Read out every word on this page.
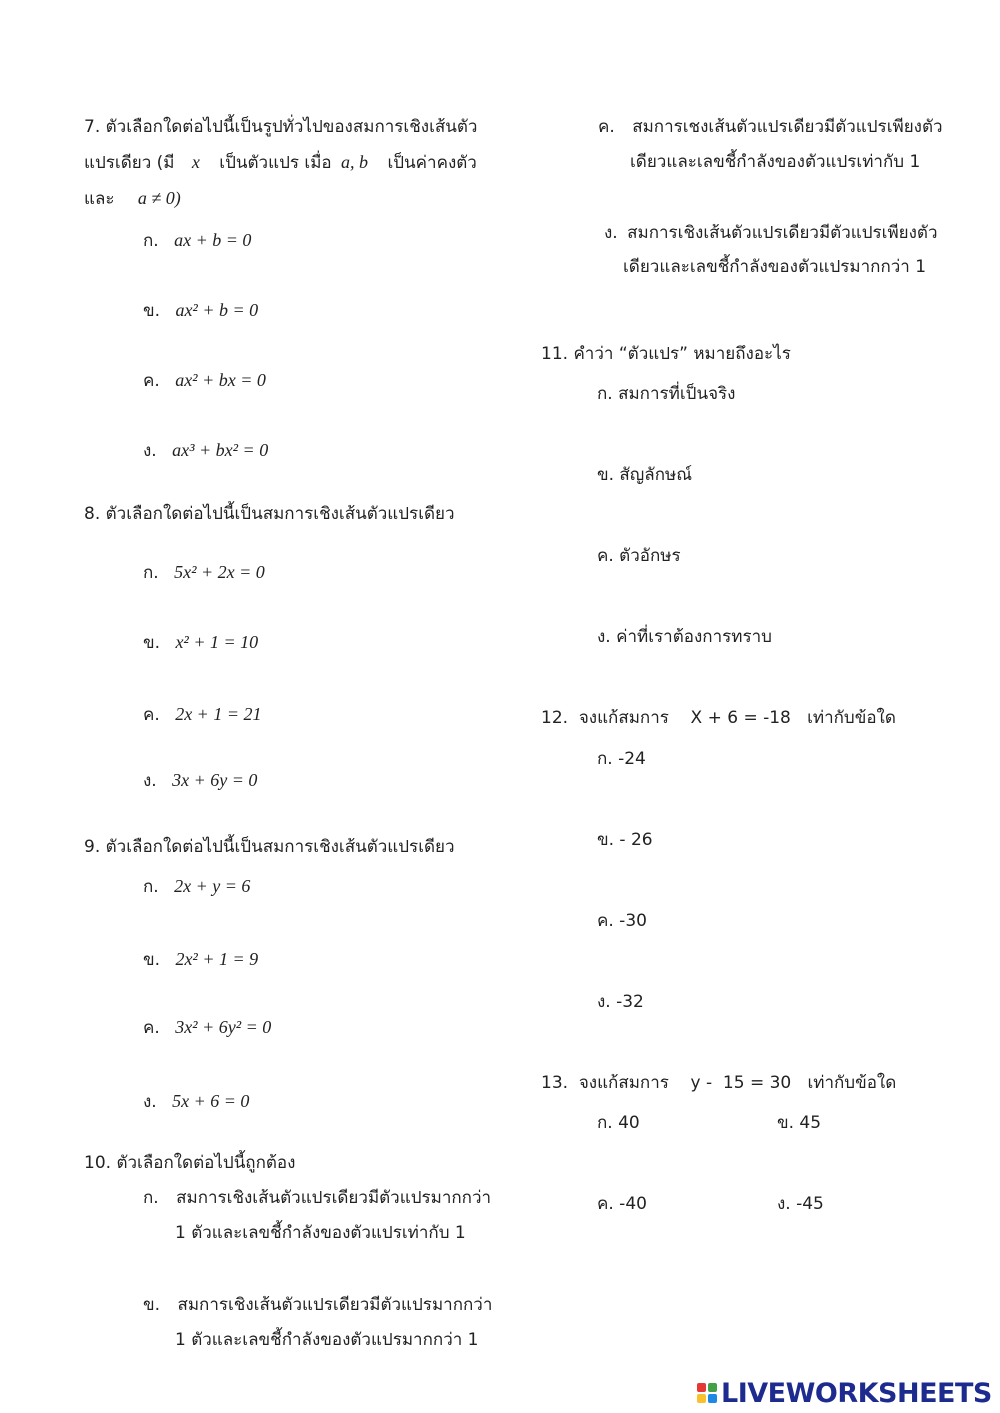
7. ตัวเลือกใดต่อไปนี้เป็นรูปทั่วไปของสมการเชิงเส้นตัว
แปรเดียว (มี x เป็นตัวแปร เมื่อ a, b เป็นค่าคงตัว
และ a ≠ 0)
ก. ax + b = 0
ข. ax² + b = 0
ค. ax² + bx = 0
ง. ax³ + bx² = 0
8. ตัวเลือกใดต่อไปนี้เป็นสมการเชิงเส้นตัวแปรเดียว
ก. 5x² + 2x = 0
ข. x² + 1 = 10
ค. 2x + 1 = 21
ง. 3x + 6y = 0
9. ตัวเลือกใดต่อไปนี้เป็นสมการเชิงเส้นตัวแปรเดียว
ก. 2x + y = 6
ข. 2x² + 1 = 9
ค. 3x² + 6y² = 0
ง. 5x + 6 = 0
10. ตัวเลือกใดต่อไปนี้ถูกต้อง
ก. สมการเชิงเส้นตัวแปรเดียวมีตัวแปรมากกว่า
1 ตัวและเลขชี้กำลังของตัวแปรเท่ากับ 1
ข. สมการเชิงเส้นตัวแปรเดียวมีตัวแปรมากกว่า
1 ตัวและเลขชี้กำลังของตัวแปรมากกว่า 1
ค. สมการเชงเส้นตัวแปรเดียวมีตัวแปรเพียงตัว
เดียวและเลขชี้กำลังของตัวแปรเท่ากับ 1
ง. สมการเชิงเส้นตัวแปรเดียวมีตัวแปรเพียงตัว
เดียวและเลขชี้กำลังของตัวแปรมากกว่า 1
11. คำว่า “ตัวแปร” หมายถึงอะไร
ก. สมการที่เป็นจริง
ข. สัญลักษณ์
ค. ตัวอักษร
ง. ค่าที่เราต้องการทราบ
12.  จงแก้สมการ    X + 6 = -18   เท่ากับข้อใด
ก. -24
ข. - 26
ค. -30
ง. -32
13.  จงแก้สมการ    y -  15 = 30   เท่ากับข้อใด
ก. 40	ข. 45
ค. -40	ง. -45
LIVEWORKSHEETS
